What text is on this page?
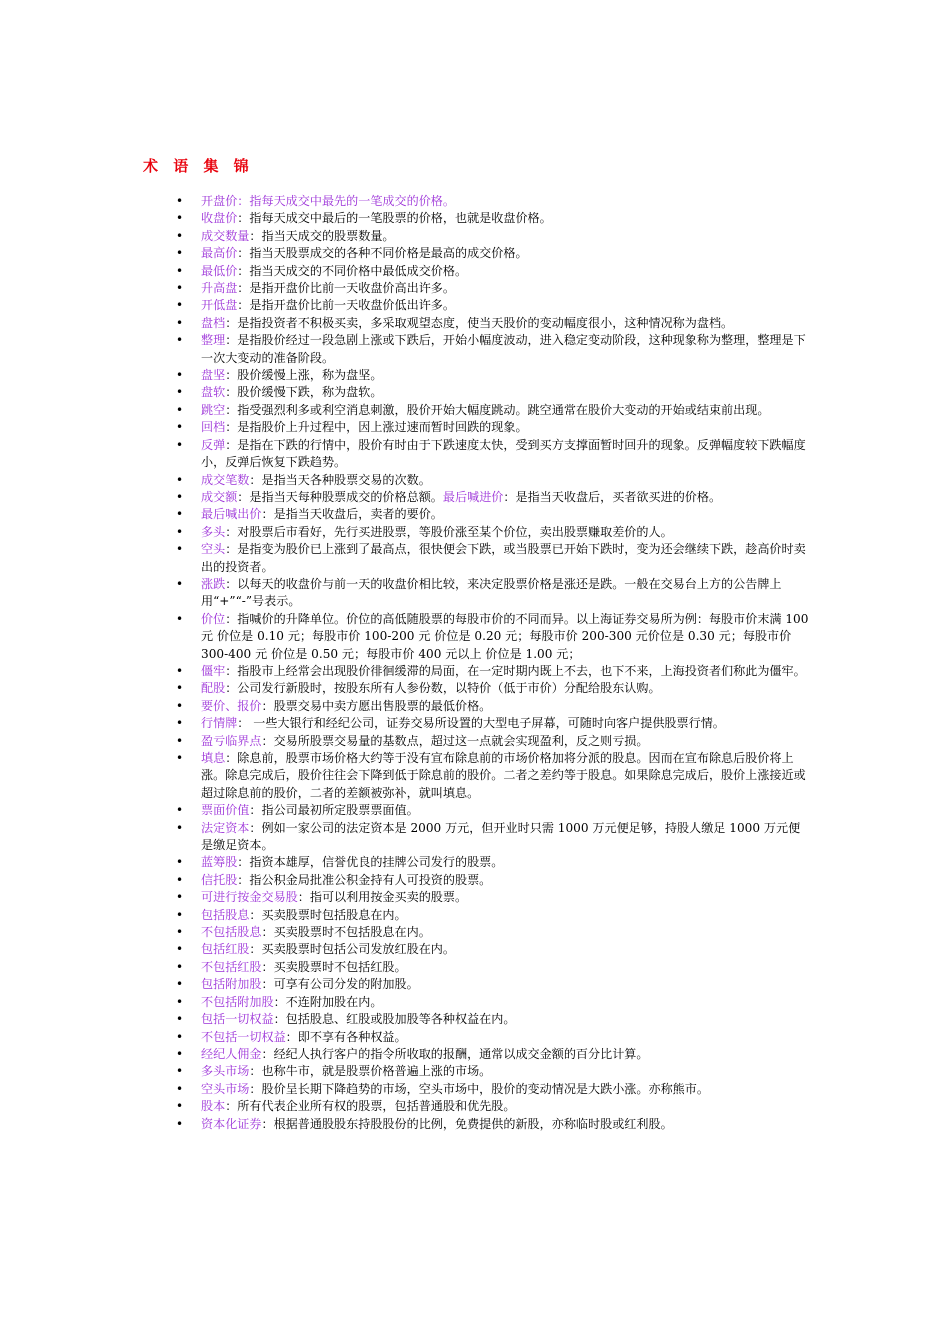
术 语 集 锦
• 开盘价：指每天成交中最先的一笔成交的价格。
• 收盘价：指每天成交中最后的一笔股票的价格，也就是收盘价格。
• 成交数量：指当天成交的股票数量。
• 最高价：指当天股票成交的各种不同价格是最高的成交价格。
• 最低价：指当天成交的不同价格中最低成交价格。
• 升高盘：是指开盘价比前一天收盘价高出许多。
• 开低盘：是指开盘价比前一天收盘价低出许多。
• 盘档：是指投资者不积极买卖，多采取观望态度，使当天股价的变动幅度很小，这种情况称为盘档。
• 整理：是指股价经过一段急剧上涨或下跌后，开始小幅度波动，进入稳定变动阶段，这种现象称为整理，整理是下一次大变动的准备阶段。
• 盘坚：股价缓慢上涨，称为盘坚。
• 盘软：股价缓慢下跌，称为盘软。
• 跳空：指受强烈利多或利空消息刺激，股价开始大幅度跳动。跳空通常在股价大变动的开始或结束前出现。
• 回档：是指股价上升过程中，因上涨过速而暂时回跌的现象。
• 反弹：是指在下跌的行情中，股价有时由于下跌速度太快，受到买方支撑面暂时回升的现象。反弹幅度较下跌幅度小，反弹后恢复下跌趋势。
• 成交笔数：是指当天各种股票交易的次数。
• 成交额：是指当天每种股票成交的价格总额。最后喊进价：是指当天收盘后，买者欲买进的价格。
• 最后喊出价：是指当天收盘后，卖者的要价。
• 多头：对股票后市看好，先行买进股票，等股价涨至某个价位，卖出股票赚取差价的人。
• 空头：是指变为股价已上涨到了最高点，很快便会下跌，或当股票已开始下跌时，变为还会继续下跌，趁高价时卖出的投资者。
• 涨跌：以每天的收盘价与前一天的收盘价相比较，来决定股票价格是涨还是跌。一般在交易台上方的公告牌上用“+”“-”号表示。
• 价位：指喊价的升降单位。价位的高低随股票的每股市价的不同而异。以上海证券交易所为例：每股市价末满 100 元 价位是 0.10 元；每股市价 100-200 元 价位是 0.20 元；每股市价 200-300 元价位是 0.30 元；每股市价 300-400 元 价位是 0.50 元；每股市价 400 元以上 价位是 1.00 元；
• 僵牢：指股市上经常会出现股价徘徊缓滞的局面，在一定时期内既上不去，也下不来，上海投资者们称此为僵牢。
• 配股：公司发行新股时，按股东所有人参份数，以特价（低于市价）分配给股东认购。
• 要价、报价：股票交易中卖方愿出售股票的最低价格。
• 行情牌： 一些大银行和经纪公司，证券交易所设置的大型电子屏幕，可随时向客户提供股票行情。
• 盈亏临界点：交易所股票交易量的基数点，超过这一点就会实现盈利，反之则亏损。
• 填息：除息前，股票市场价格大约等于没有宣布除息前的市场价格加将分派的股息。因而在宣布除息后股价将上涨。除息完成后，股价往往会下降到低于除息前的股价。二者之差约等于股息。如果除息完成后，股价上涨接近或超过除息前的股价，二者的差额被弥补，就叫填息。
• 票面价值：指公司最初所定股票票面值。
• 法定资本：例如一家公司的法定资本是 2000 万元，但开业时只需 1000 万元便足够，持股人缴足 1000 万元便是缴足资本。
• 蓝筹股：指资本雄厚，信誉优良的挂牌公司发行的股票。
• 信托股：指公积金局批准公积金持有人可投资的股票。
• 可进行按金交易股：指可以利用按金买卖的股票。
• 包括股息：买卖股票时包括股息在内。
• 不包括股息：买卖股票时不包括股息在内。
• 包括红股：买卖股票时包括公司发放红股在内。
• 不包括红股：买卖股票时不包括红股。
• 包括附加股：可享有公司分发的附加股。
• 不包括附加股：不连附加股在内。
• 包括一切权益：包括股息、红股或股加股等各种权益在内。
• 不包括一切权益：即不享有各种权益。
• 经纪人佣金：经纪人执行客户的指令所收取的报酬，通常以成交金额的百分比计算。
• 多头市场：也称牛市，就是股票价格普遍上涨的市场。
• 空头市场：股价呈长期下降趋势的市场，空头市场中，股价的变动情况是大跌小涨。亦称熊市。
• 股本：所有代表企业所有权的股票，包括普通股和优先股。
• 资本化证券：根据普通股股东持股股份的比例，免费提供的新股，亦称临时股或红利股。
